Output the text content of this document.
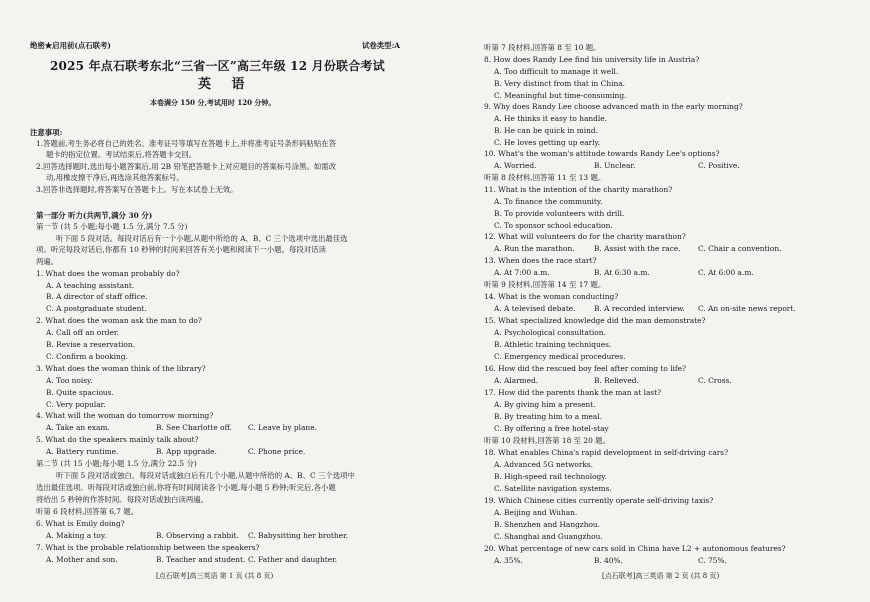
绝密★启用前(点石联考)	试卷类型:A
2025 年点石联考东北“三省一区”高三年级 12 月份联合考试
英 语
本卷满分 150 分,考试用时 120 分钟。
注意事项:
1.答题前,考生务必将自己的姓名、准考证号等填写在答题卡上,并将准考证号条形码粘贴在答
题卡的指定位置。考试结束后,将答题卡交回。
2.回答选择题时,选出每小题答案后,用 2B 铅笔把答题卡上对应题目的答案标号涂黑。如需改
动,用橡皮擦干净后,再选涂其他答案标号。
3.回答非选择题时,将答案写在答题卡上。写在本试卷上无效。
第一部分 听力(共两节,满分 30 分)
第一节 (共 5 小题;每小题 1.5 分,满分 7.5 分)
听下面 5 段对话。每段对话后有一个小题,从题中所给的 A、B、C 三个选项中选出最佳选
项。听完每段对话后,你都有 10 秒钟的时间来回答有关小题和阅读下一小题。每段对话读
两遍。
1. What does the woman probably do?
A. A teaching assistant.
B. A director of staff office.
C. A postgraduate student.
2. What does the woman ask the man to do?
A. Call off an order.
B. Revise a reservation.
C. Confirm a booking.
3. What does the woman think of the library?
A. Too noisy.
B. Quite spacious.
C. Very popular.
4. What will the woman do tomorrow morning?
A. Take an exam.	B. See Charlotte off. C. Leave by plane.
5. What do the speakers mainly talk about?
A. Battery runtime.	B. App upgrade.	C. Phone price.
第二节 (共 15 小题;每小题 1.5 分,满分 22.5 分)
听下面 5 段对话或独白。每段对话或独白后有几个小题,从题中所给的 A、B、C 三个选项中
选出最佳选项。听每段对话或独白前,你将有时间阅读各个小题,每小题 5 秒钟;听完后,各小题
将给出 5 秒钟的作答时间。每段对话或独白读两遍。
听第 6 段材料,回答第 6,7 题。
6. What is Emily doing?
A. Making a toy.	B. Observing a rabbit. C. Babysitting her brother.
7. What is the probable relationship between the speakers?
A. Mother and son.	B. Teacher and student. C. Father and daughter.
[点石联考]高三英语 第 1 页 (共 8 页)
听第 7 段材料,回答第 8 至 10 题。
8. How does Randy Lee find his university life in Austria?
A. Too difficult to manage it well.
B. Very distinct from that in China.
C. Meaningful but time-consuming.
9. Why does Randy Lee choose advanced math in the early morning?
A. He thinks it easy to handle.
B. He can be quick in mind.
C. He loves getting up early.
10. What's the woman's attitude towards Randy Lee's options?
A. Worried.	B. Unclear.	C. Positive.
听第 8 段材料,回答第 11 至 13 题。
11. What is the intention of the charity marathon?
A. To finance the community.
B. To provide volunteers with drill.
C. To sponsor school education.
12. What will volunteers do for the charity marathon?
A. Run the marathon.	B. Assist with the race. C. Chair a convention.
13. When does the race start?
A. At 7:00 a.m.	B. At 6:30 a.m.	C. At 6:00 a.m.
听第 9 段材料,回答第 14 至 17 题。
14. What is the woman conducting?
A. A televised debate. B. A recorded interview. C. An on-site news report.
15. What specialized knowledge did the man demonstrate?
A. Psychological consultation.
B. Athletic training techniques.
C. Emergency medical procedures.
16. How did the rescued boy feel after coming to life?
A. Alarmed.	B. Relieved.	C. Cross.
17. How did the parents thank the man at last?
A. By giving him a present.
B. By treating him to a meal.
C. By offering a free hotel-stay
听第 10 段材料,回答第 18 至 20 题。
18. What enables China's rapid development in self-driving cars?
A. Advanced 5G networks.
B. High-speed rail technology.
C. Satellite navigation systems.
19. Which Chinese cities currently operate self-driving taxis?
A. Beijing and Wuhan.
B. Shenzhen and Hangzhou.
C. Shanghai and Guangzhou.
20. What percentage of new cars sold in China have L2 + autonomous features?
A. 35%.	B. 40%.	C. 75%.
[点石联考]高三英语 第 2 页 (共 8 页)
